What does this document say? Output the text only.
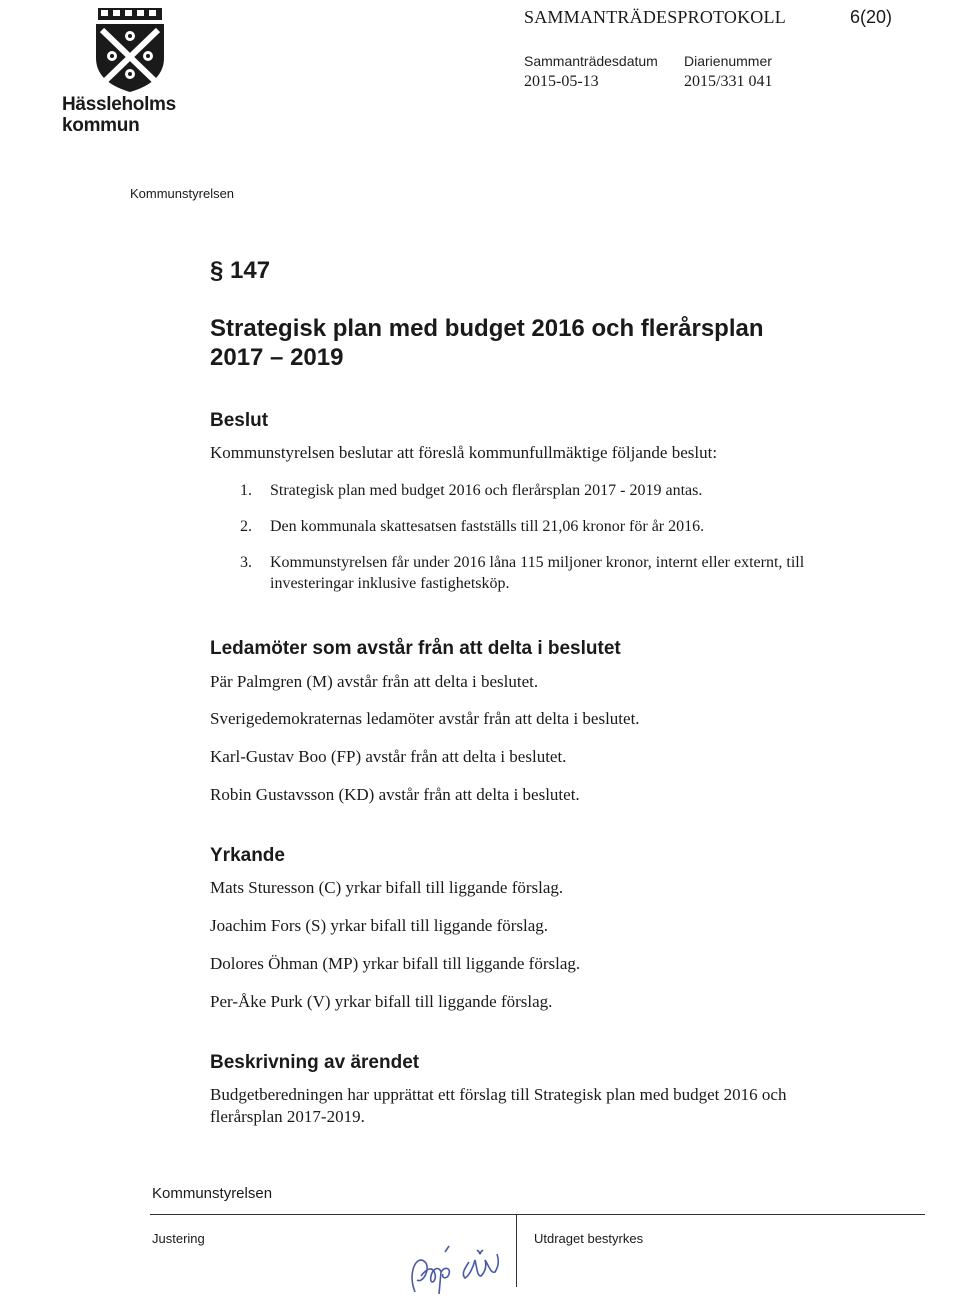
Hässleholms
kommun
SAMMANTRÄDESPROTOKOLL	6(20)
Sammanträdesdatum
2015-05-13
Diarienummer
2015/331 041
Kommunstyrelsen
§ 147
Strategisk plan med budget 2016 och flerårsplan 2017 – 2019
Beslut
Kommunstyrelsen beslutar att föreslå kommunfullmäktige följande beslut:
1. Strategisk plan med budget 2016 och flerårsplan 2017 - 2019 antas.
2. Den kommunala skattesatsen fastställs till 21,06 kronor för år 2016.
3. Kommunstyrelsen får under 2016 låna 115 miljoner kronor, internt eller externt, till investeringar inklusive fastighetsköp.
Ledamöter som avstår från att delta i beslutet
Pär Palmgren (M) avstår från att delta i beslutet.
Sverigedemokraternas ledamöter avstår från att delta i beslutet.
Karl-Gustav Boo (FP) avstår från att delta i beslutet.
Robin Gustavsson (KD) avstår från att delta i beslutet.
Yrkande
Mats Sturesson (C) yrkar bifall till liggande förslag.
Joachim Fors (S) yrkar bifall till liggande förslag.
Dolores Öhman (MP) yrkar bifall till liggande förslag.
Per-Åke Purk (V) yrkar bifall till liggande förslag.
Beskrivning av ärendet
Budgetberedningen har upprättat ett förslag till Strategisk plan med budget 2016 och flerårsplan 2017-2019.
Kommunstyrelsen
Justering	Utdraget bestyrkes
